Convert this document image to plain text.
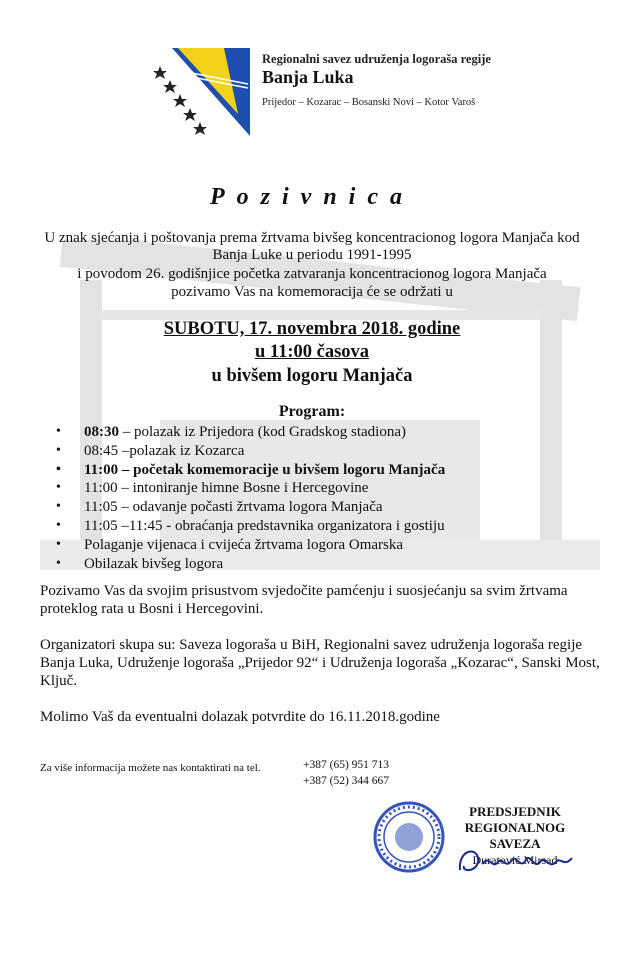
Regionalni savez udruženja logoraša regije
Banja Luka
Prijedor – Kozarac – Bosanski Novi – Kotor Varoš
Pozivnica
U znak sjećanja i poštovanja prema žrtvama bivšeg koncentracionog logora Manjača kod
Banja Luke u periodu 1991-1995
i povodom 26. godišnjice početka zatvaranja koncentracionog logora Manjača
pozivamo Vas na komemoracija će se održati u
SUBOTU, 17. novembra 2018. godine
u 11:00 časova
u bivšem logoru Manjača
Program:
• 08:30 – polazak iz Prijedora (kod Gradskog stadiona)
• 08:45 –polazak iz Kozarca
• 11:00 – početak komemoracije u bivšem logoru Manjača
• 11:00 – intoniranje himne Bosne i Hercegovine
• 11:05 – odavanje počasti žrtvama logora Manjača
• 11:05 –11:45 - obraćanja predstavnika organizatora i gostiju
• Polaganje vijenaca i cvijeća žrtvama logora Omarska
• Obilazak bivšeg logora
Pozivamo Vas da svojim prisustvom svjedočite pamćenju i suosjećanju sa svim žrtvama proteklog rata u Bosni i Hercegovini.
Organizatori skupa su: Saveza logoraša u BiH, Regionalni savez udruženja logoraša regije Banja Luka, Udruženje logoraša „Prijedor 92“ i Udruženja logoraša „Kozarac“, Sanski Most, Ključ.
Molimo Vaš da eventualni dolazak potvrdite do 16.11.2018.godine
Za više informacija možete nas kontaktirati na tel.	+387 (65) 951 713
+387 (52) 344 667
PREDSJEDNIK
REGIONALNOG SAVEZA
Duratović Mirsad
